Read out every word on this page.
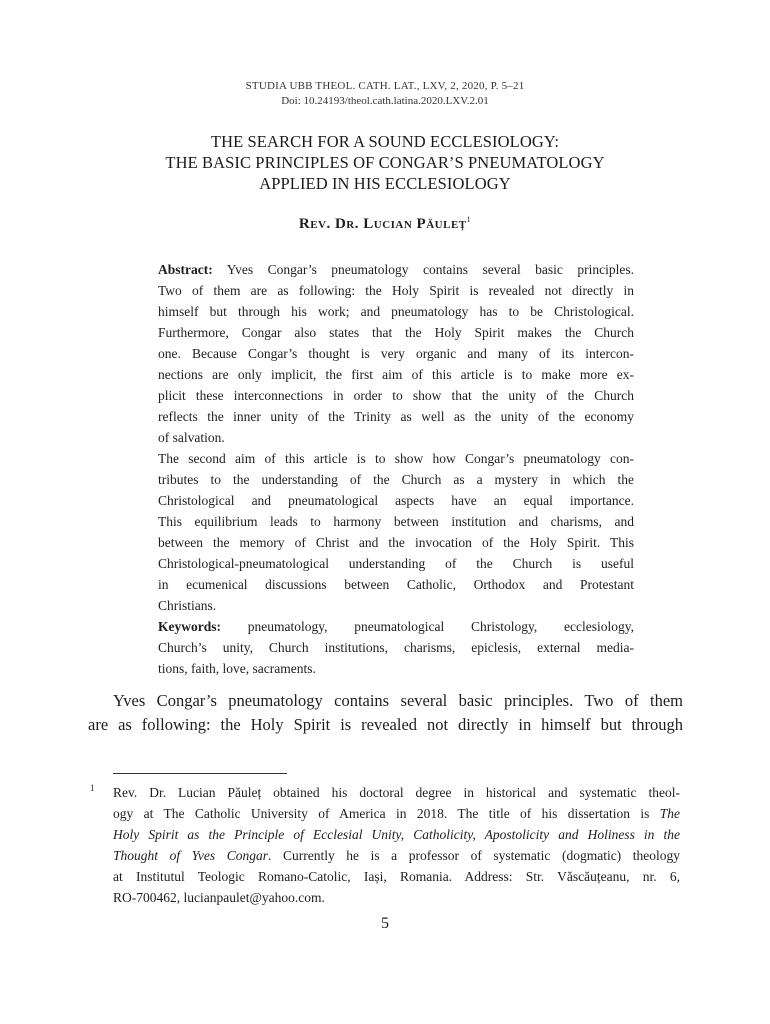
STUDIA UBB THEOL. CATH. LAT., LXV, 2, 2020, P. 5–21
Doi: 10.24193/theol.cath.latina.2020.LXV.2.01
THE SEARCH FOR A SOUND ECCLESIOLOGY:
THE BASIC PRINCIPLES OF CONGAR’S PNEUMATOLOGY
APPLIED IN HIS ECCLESIOLOGY
Rev. Dr. Lucian Păuleț$^1$
Abstract: Yves Congar’s pneumatology contains several basic principles.
Two of them are as following: the Holy Spirit is revealed not directly in
himself but through his work; and pneumatology has to be Christological.
Furthermore, Congar also states that the Holy Spirit makes the Church
one. Because Congar’s thought is very organic and many of its intercon-
nections are only implicit, the first aim of this article is to make more ex-
plicit these interconnections in order to show that the unity of the Church
reflects the inner unity of the Trinity as well as the unity of the economy
of salvation.
The second aim of this article is to show how Congar’s pneumatology con-
tributes to the understanding of the Church as a mystery in which the
Christological and pneumatological aspects have an equal importance.
This equilibrium leads to harmony between institution and charisms, and
between the memory of Christ and the invocation of the Holy Spirit. This
Christological-pneumatological understanding of the Church is useful
in ecumenical discussions between Catholic, Orthodox and Protestant
Christians.
Keywords: pneumatology, pneumatological Christology, ecclesiology,
Church’s unity, Church institutions, charisms, epiclesis, external media-
tions, faith, love, sacraments.
Yves Congar’s pneumatology contains several basic principles. Two of them
are as following: the Holy Spirit is revealed not directly in himself but through
1 Rev. Dr. Lucian Păuleț obtained his doctoral degree in historical and systematic theol-
ogy at The Catholic University of America in 2018. The title of his dissertation is The
Holy Spirit as the Principle of Ecclesial Unity, Catholicity, Apostolicity and Holiness in the
Thought of Yves Congar. Currently he is a professor of systematic (dogmatic) theology
at Institutul Teologic Romano-Catolic, Iași, Romania. Address: Str. Văscăuțeanu, nr. 6,
RO-700462, lucianpaulet@yahoo.com.
5
